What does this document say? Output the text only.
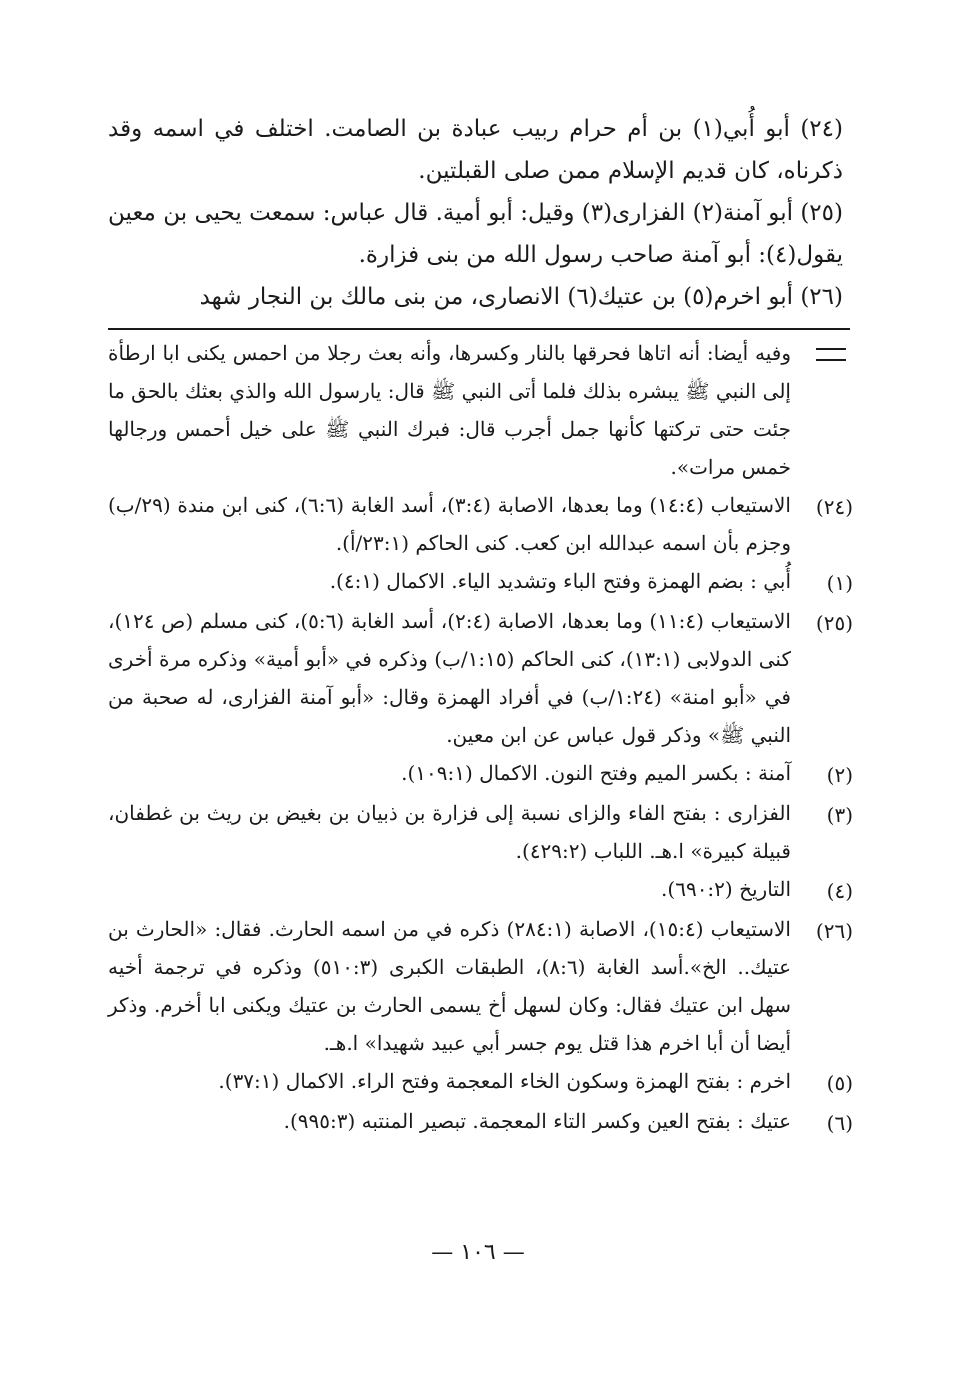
(٢٤) أبو أُبي(١) بن أم حرام ربيب عبادة بن الصامت. اختلف في اسمه وقد ذكرناه، كان قديم الإسلام ممن صلى القبلتين.

(٢٥) أبو آمنة(٢) الفزارى(٣) وقيل: أبو أمية. قال عباس: سمعت يحيى بن معين يقول(٤): أبو آمنة صاحب رسول الله من بنى فزارة.

(٢٦) أبو اخرم(٥) بن عتيك(٦) الانصارى، من بنى مالك بن النجار شهد

وفيه أيضا: أنه اتاها فحرقها بالنار وكسرها، وأنه بعث رجلا من احمس يكنى ابا ارطأة إلى النبي ﷺ يبشره بذلك فلما أتى النبي ﷺ قال: يارسول الله والذي بعثك بالحق ما جئت حتى تركتها كأنها جمل أجرب قال: فبرك النبي ﷺ على خيل أحمس ورجالها خمس مرات».
(٢٤)
الاستيعاب (١٤:٤) وما بعدها، الاصابة (٣:٤)، أسد الغابة (٦:٦)، كنى ابن مندة (٢٩/ب) وجزم بأن اسمه عبدالله ابن كعب. كنى الحاكم (٢٣:١/أ).
(١)
أُبي : بضم الهمزة وفتح الباء وتشديد الياء. الاكمال (٤:١).
(٢٥)
الاستيعاب (١١:٤) وما بعدها، الاصابة (٢:٤)، أسد الغابة (٥:٦)، كنى مسلم (ص ١٢٤)، كنى الدولابى (١٣:١)، كنى الحاكم (١:١٥/ب) وذكره في «أبو أمية» وذكره مرة أخرى في «أبو امنة» (١:٢٤/ب) في أفراد الهمزة وقال: «أبو آمنة الفزارى، له صحبة من النبي ﷺ» وذكر قول عباس عن ابن معين.
(٢)
آمنة : بكسر الميم وفتح النون. الاكمال (١٠٩:١).
(٣)
الفزارى : بفتح الفاء والزاى نسبة إلى فزارة بن ذبيان بن بغيض بن ريث بن غطفان، قبيلة كبيرة» ا.هـ. اللباب (٤٢٩:٢).
(٤)
التاريخ (٦٩٠:٢).
(٢٦)
الاستيعاب (١٥:٤)، الاصابة (٢٨٤:١) ذكره في من اسمه الحارث. فقال: «الحارث بن عتيك.. الخ».أسد الغابة (٨:٦)، الطبقات الكبرى (٥١٠:٣) وذكره في ترجمة أخيه سهل ابن عتيك فقال: وكان لسهل أخ يسمى الحارث بن عتيك ويكنى ابا أخرم. وذكر أيضا أن أبا اخرم هذا قتل يوم جسر أبي عبيد شهيدا» ا.هـ.
(٥)
اخرم : بفتح الهمزة وسكون الخاء المعجمة وفتح الراء. الاكمال (٣٧:١).
(٦)
عتيك : بفتح العين وكسر التاء المعجمة. تبصير المنتبه (٩٩٥:٣).
— ١٠٦ —
